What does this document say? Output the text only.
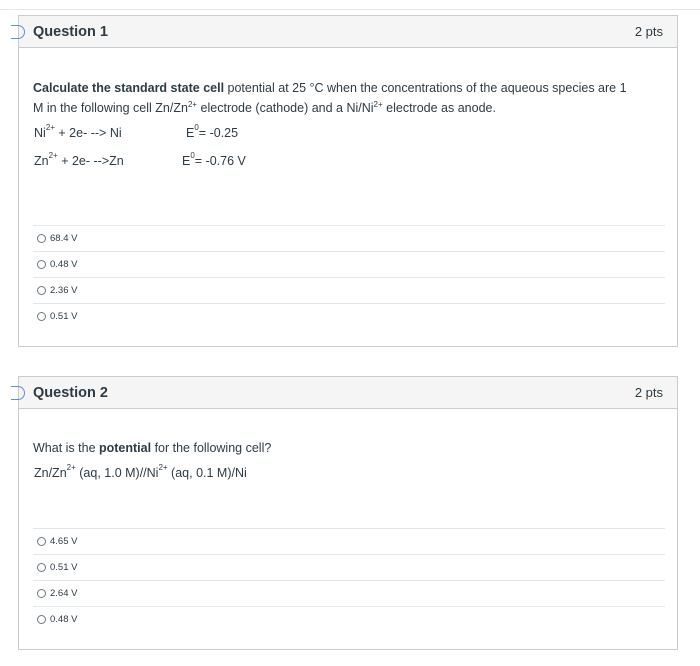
Question 1	2 pts
Calculate the standard state cell potential at 25 °C when the concentrations of the aqueous species are 1
M in the following cell $Zn/Zn^{2+}$ electrode (cathode) and a $Ni/Ni^{2+}$ electrode as anode.
$Ni^{2+} + 2e-$ --> Ni	$E^0= -0.25$
$Zn^{2+} + 2e-$ -->Zn	$E^0= -0.76$ V
68.4 V
0.48 V
2.36 V
0.51 V
Question 2	2 pts
What is the potential for the following cell?
$Zn/Zn^{2+}$ (aq, 1.0 $M)//Ni^{2+}$ (aq, 0.1 M)/Ni
4.65 V
0.51 V
2.64 V
0.48 V
